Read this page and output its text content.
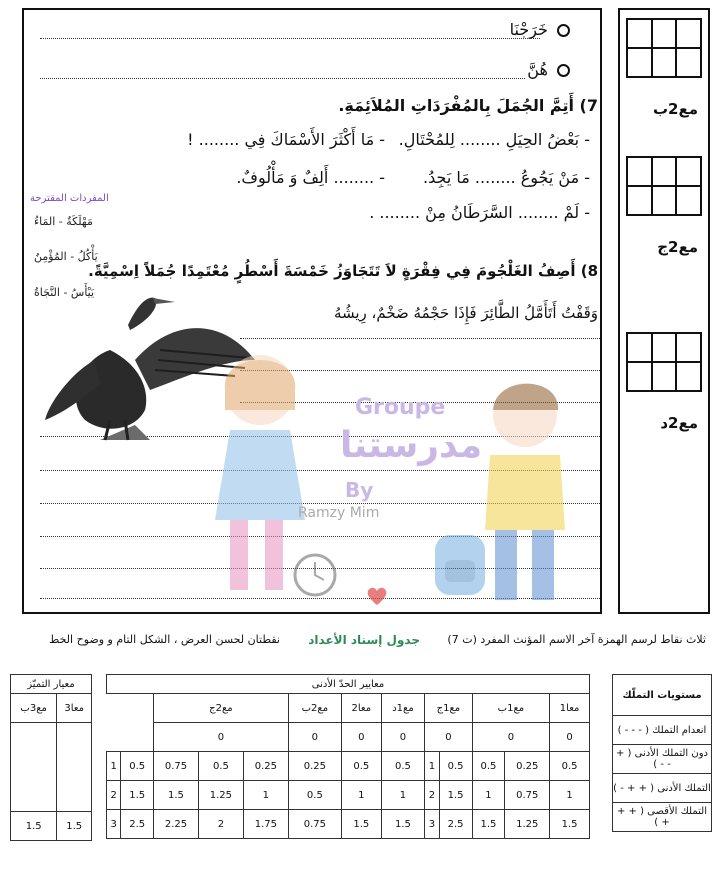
خَرَجْنَا
هُنَّ
7) أَتِمَّ الجُمَلَ بِالمُفْرَدَاتِ المُلاَئِمَةِ.
- بَعْضُ الحِيَلِ ........ لِلمُحْتَالِ.
- مَا أَكْثَرَ الأَسْمَاكَ فِي ........ !
- مَنْ يَجُوعُ ........ مَا يَجِدُ.
- ........ أَلِفٌ وَ مَأْلُوفٌ.
- لَمْ ........ السَّرَطَانُ مِنْ ........ .
المفردات المقترحة
مَهْلَكَةٌ - المَاءُ
يَأْكُلُ - المُؤْمِنُ
يَيْأَسُ - النَّجَاةُ
8) أَصِفُ الغَلْجُومَ فِي فِقْرَةٍ لاَ تَتَجَاوَزُ خَمْسَةَ أَسْطُرٍ مُعْتَمِدًا جُمَلاً اِسْمِيَّةً.
وَقَفْتُ أَتَأَمَّلُ الطَّائِرَ فَإِذَا حَجْمُهُ ضَخْمٌ، رِيشُهُ
Groupe
مدرستنا
By
Ramzy Mim
مع2ب
مع2ج
مع2د
ثلاث نقاط لرسم الهمزة آخر الاسم المؤنث المفرد (ت 7)
جدول إسناد الأعداد
نقطتان لحسن العرض ، الشكل التام و وضوح الخط
مستويات التملّك
انعدام التملك ( - - - )
دون التملك الأدنى ( + - - )
التملك الأدنى ( + + - )
التملك الأقصى ( + + + )
معايير الحدّ الأدنى												
معا1	مع1ب		مع1ج		مع1د	معا2	مع2ب	مع2ج			
0	0		0		0	0	0	0				
0.5	0.25	0.5	0.5	1	0.5	0.5	0.25	0.25	0.5	0.75	0.5	1
1	0.75	1	1.5	2	1	1	0.5	1	1.25	1.5	1.5	2
1.5	1.25	1.5	2.5	3	1.5	1.5	0.75	1.75	2	2.25	2.5	3
معيار التميّز	
معا3	مع3ب

1.5	1.5
